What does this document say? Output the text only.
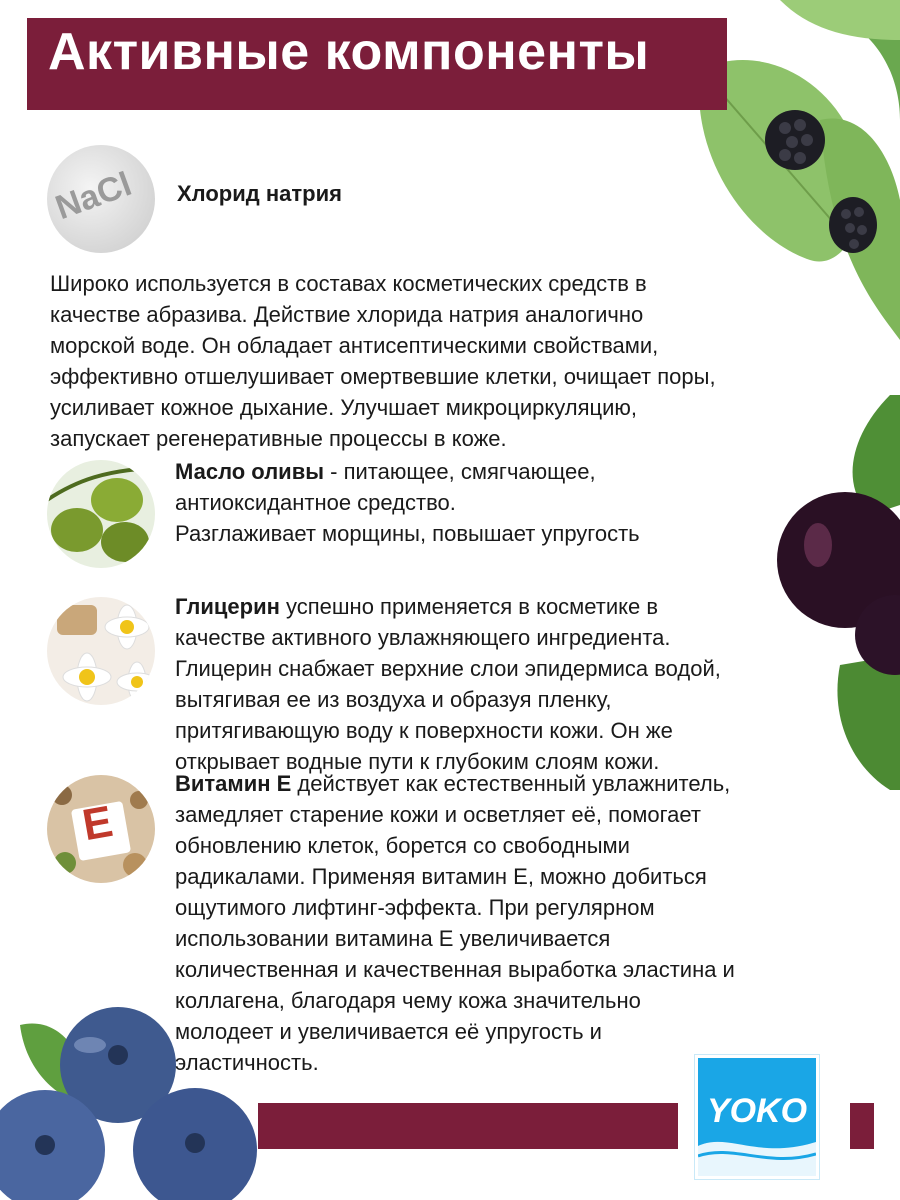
Активные компоненты
NaCl Хлорид натрия
Широко используется в составах косметических средств в
качестве абразива. Действие хлорида натрия аналогично
морской воде. Он обладает антисептическими свойствами,
эффективно отшелушивает омертвевшие клетки, очищает поры,
усиливает кожное дыхание. Улучшает микроциркуляцию,
запускает регенеративные процессы в коже.
Масло оливы - питающее, смягчающее,
антиоксидантное средство.
Разглаживает морщины, повышает упругость
Глицерин успешно применяется в косметике в
качестве активного увлажняющего ингредиента.
Глицерин снабжает верхние слои эпидермиса водой,
вытягивая ее из воздуха и образуя пленку,
притягивающую воду к поверхности кожи. Он же
открывает водные пути к глубоким слоям кожи.
E
Витамин Е действует как естественный увлажнитель,
замедляет старение кожи и осветляет её, помогает
обновлению клеток, борется со свободными
радикалами. Применяя витамин Е, можно добиться
ощутимого лифтинг-эффекта. При регулярном
использовании витамина Е увеличивается
количественная и качественная выработка эластина и
коллагена, благодаря чему кожа значительно
молодеет и увеличивается её упругость и
эластичность.
YOKO
